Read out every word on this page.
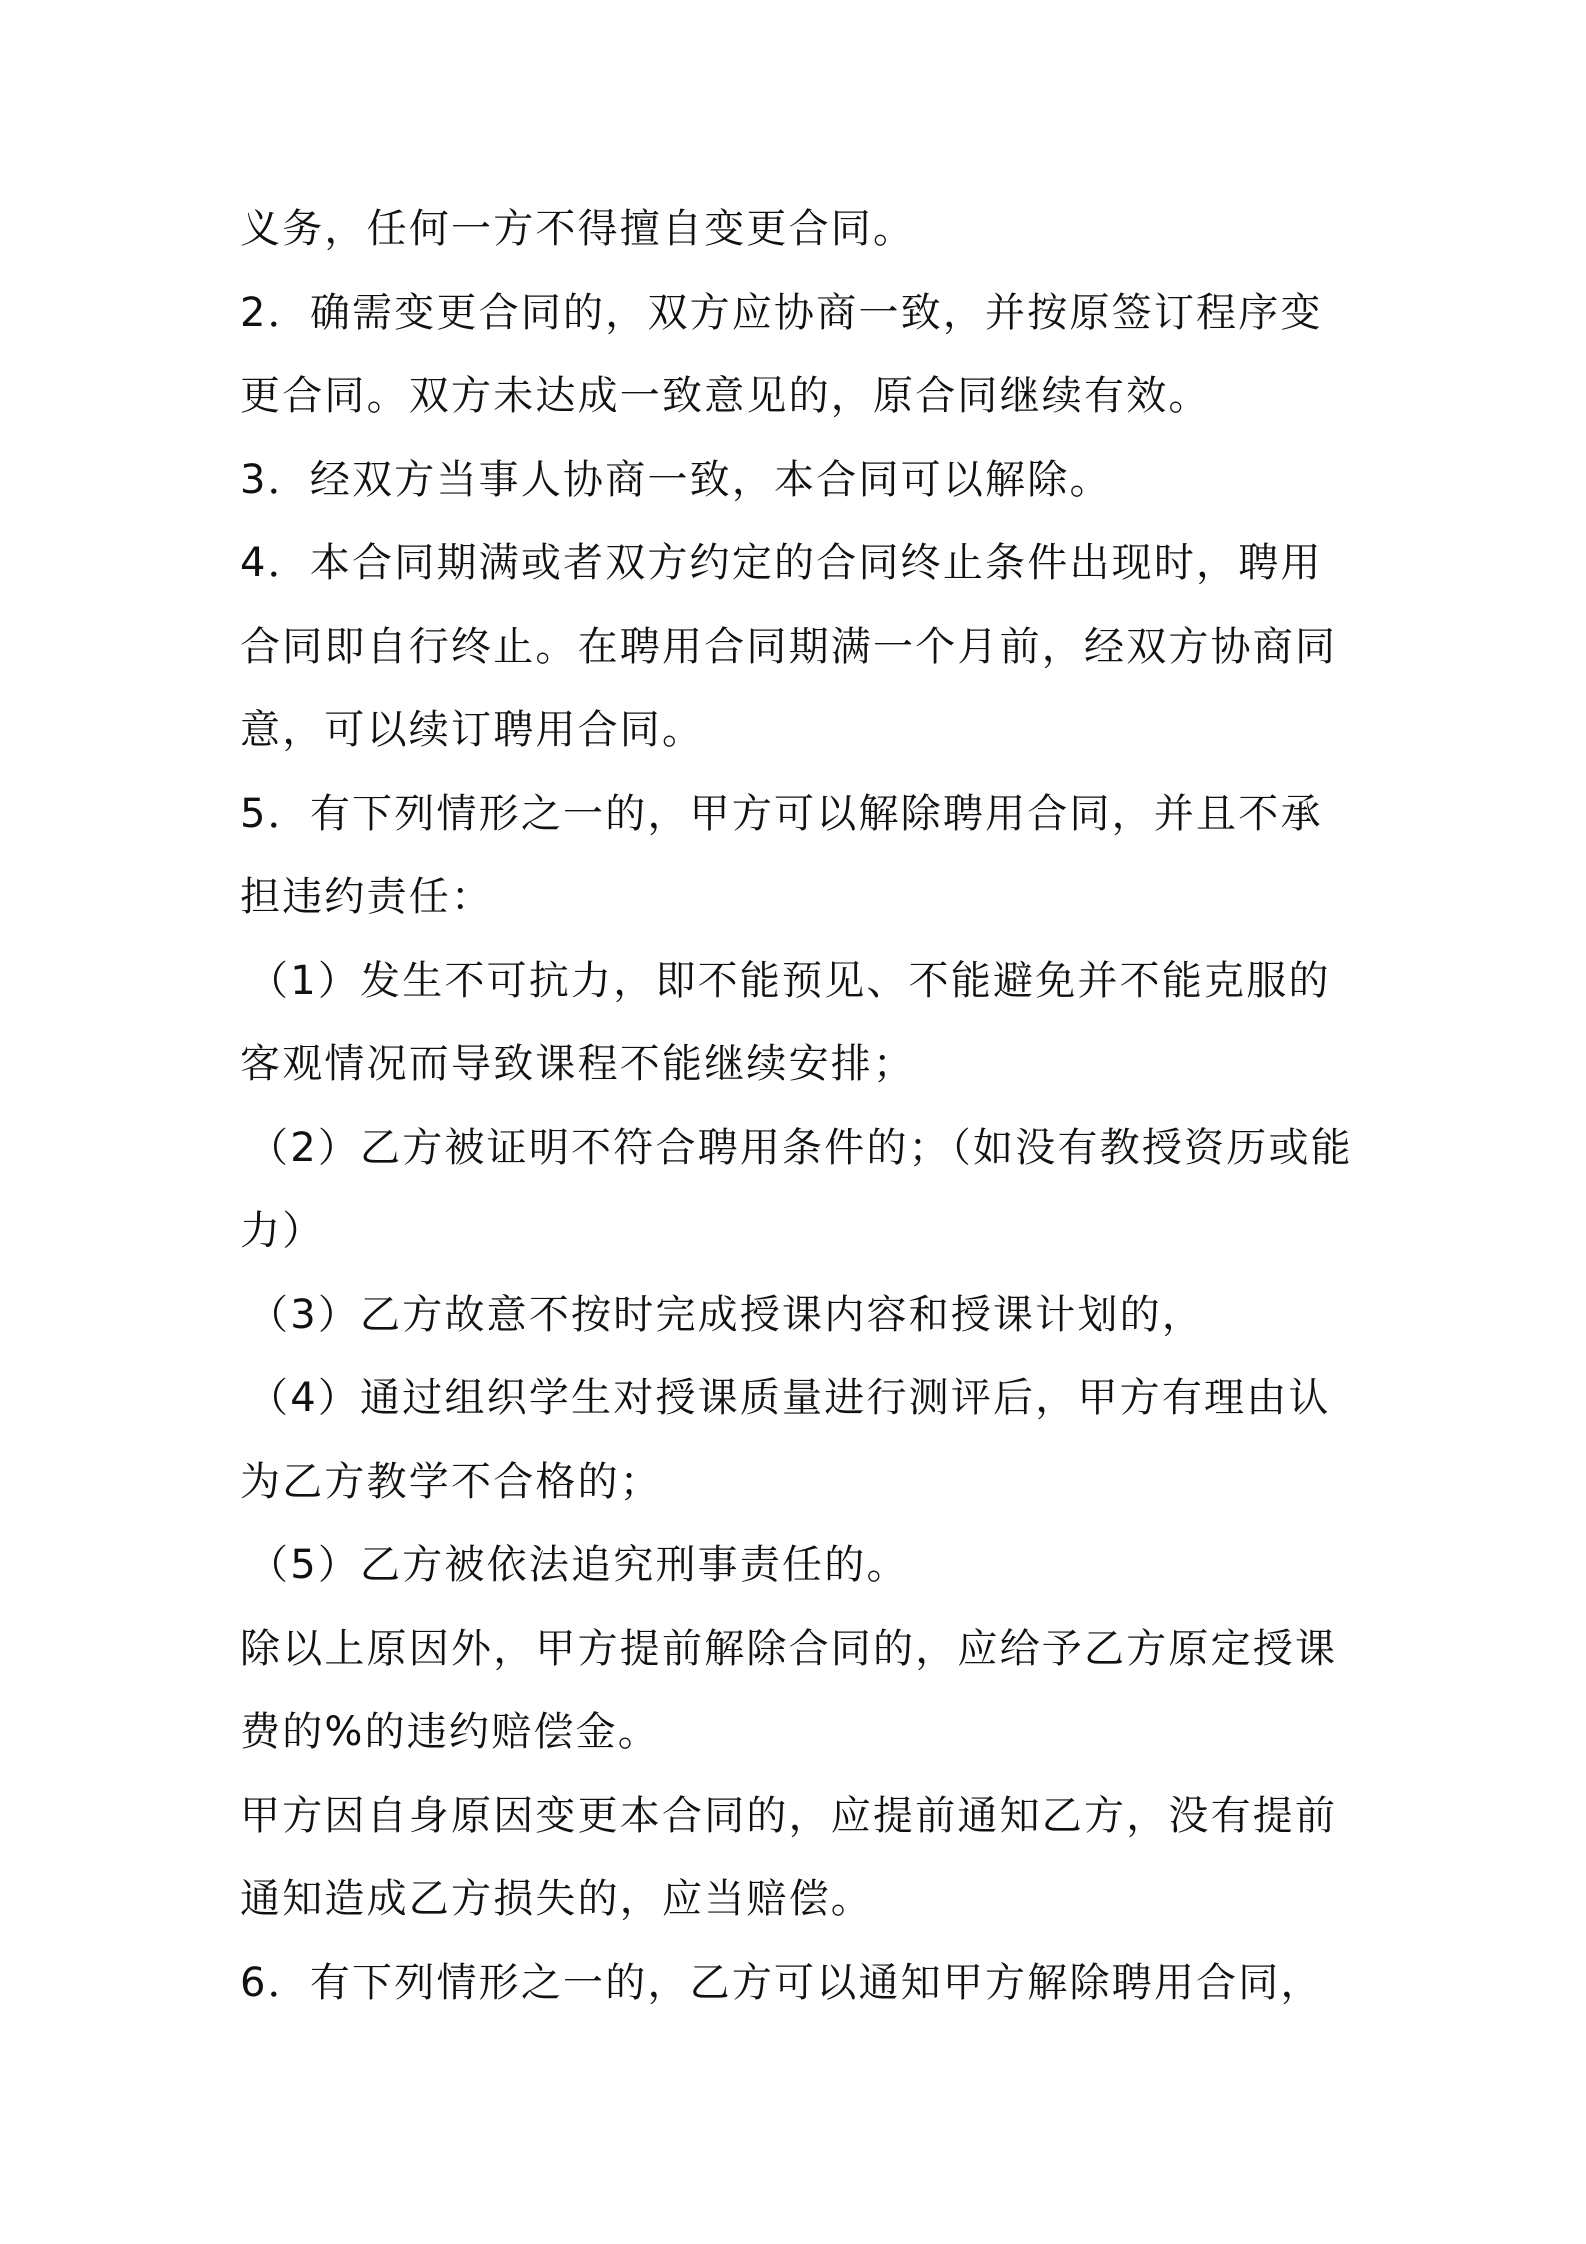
义务，任何一方不得擅自变更合同。
2．确需变更合同的，双方应协商一致，并按原签订程序变
更合同。双方未达成一致意见的，原合同继续有效。
3．经双方当事人协商一致，本合同可以解除。
4．本合同期满或者双方约定的合同终止条件出现时，聘用
合同即自行终止。在聘用合同期满一个月前，经双方协商同
意，可以续订聘用合同。
5．有下列情形之一的，甲方可以解除聘用合同，并且不承
担违约责任：
（1）发生不可抗力，即不能预见、不能避免并不能克服的
客观情况而导致课程不能继续安排；
（2）乙方被证明不符合聘用条件的；（如没有教授资历或能
力）
（3）乙方故意不按时完成授课内容和授课计划的，
（4）通过组织学生对授课质量进行测评后，甲方有理由认
为乙方教学不合格的；
（5）乙方被依法追究刑事责任的。
除以上原因外，甲方提前解除合同的，应给予乙方原定授课
费的%的违约赔偿金。
甲方因自身原因变更本合同的，应提前通知乙方，没有提前
通知造成乙方损失的，应当赔偿。
6．有下列情形之一的，乙方可以通知甲方解除聘用合同，
